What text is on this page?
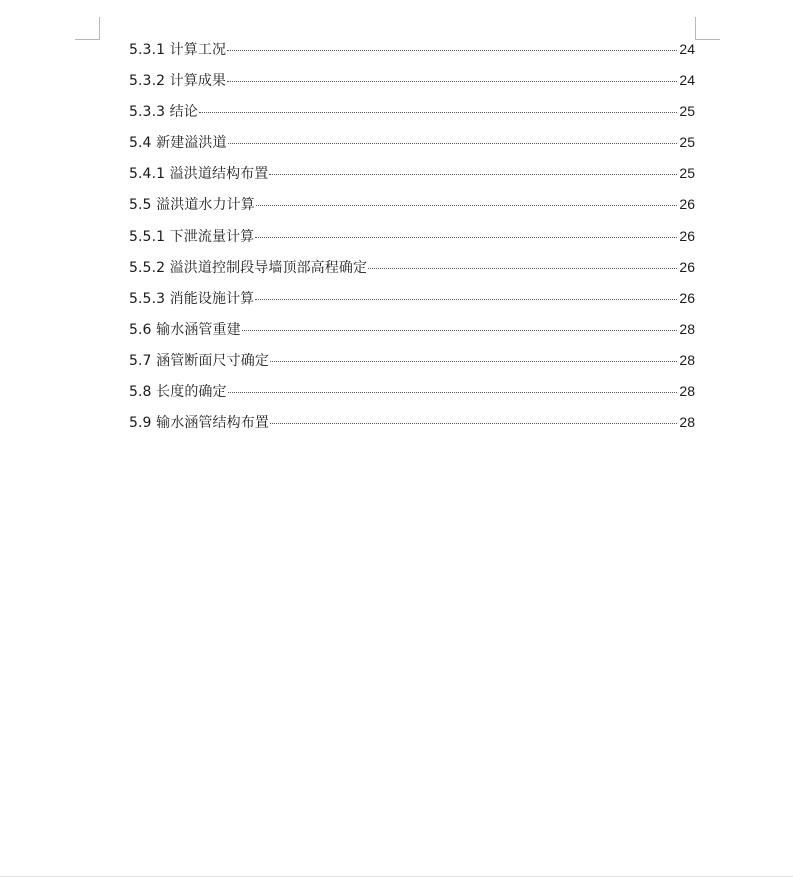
5.3.1 计算工况	24
5.3.2 计算成果	24
5.3.3 结论	25
5.4 新建溢洪道	25
5.4.1 溢洪道结构布置	25
5.5 溢洪道水力计算	26
5.5.1 下泄流量计算	26
5.5.2 溢洪道控制段导墙顶部高程确定	26
5.5.3 消能设施计算	26
5.6 输水涵管重建	28
5.7 涵管断面尺寸确定	28
5.8 长度的确定	28
5.9 输水涵管结构布置	28
